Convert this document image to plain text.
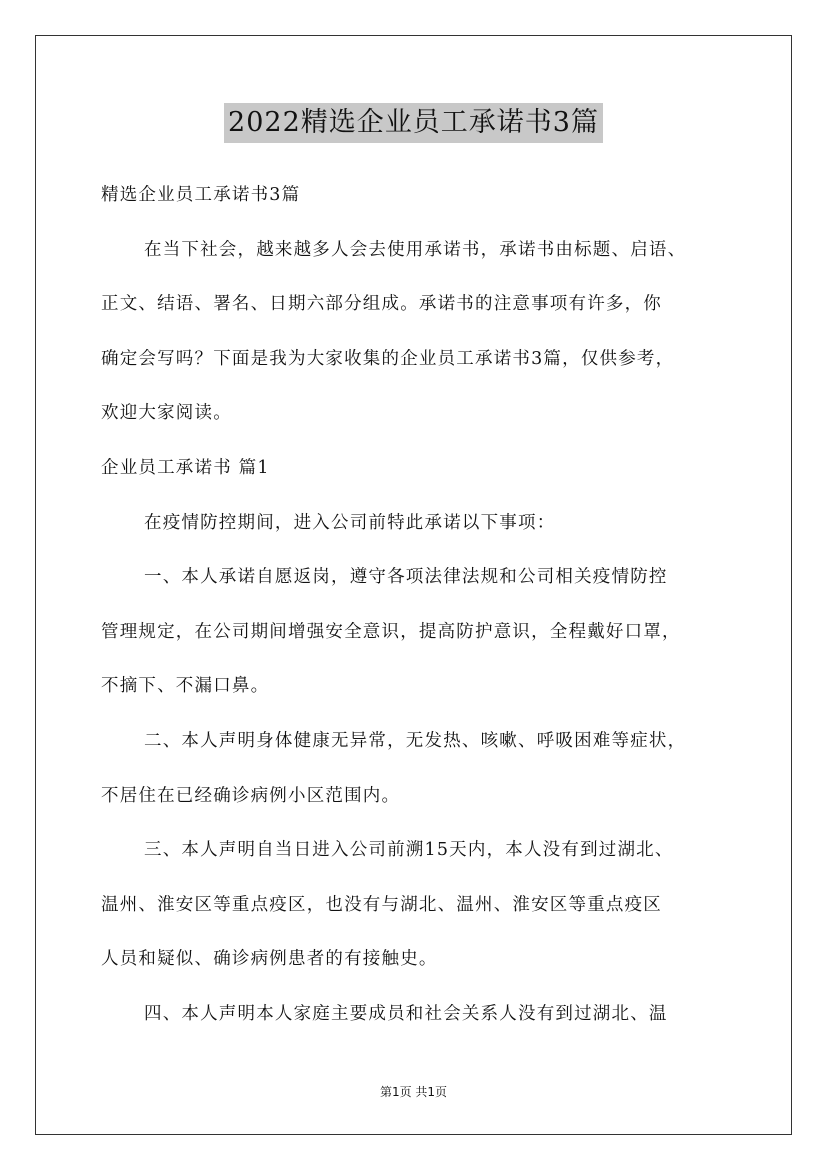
2022精选企业员工承诺书3篇
精选企业员工承诺书3篇
在当下社会，越来越多人会去使用承诺书，承诺书由标题、启语、
正文、结语、署名、日期六部分组成。承诺书的注意事项有许多，你
确定会写吗？下面是我为大家收集的企业员工承诺书3篇，仅供参考，
欢迎大家阅读。
企业员工承诺书 篇1
在疫情防控期间，进入公司前特此承诺以下事项：
一、本人承诺自愿返岗，遵守各项法律法规和公司相关疫情防控
管理规定，在公司期间增强安全意识，提高防护意识，全程戴好口罩，
不摘下、不漏口鼻。
二、本人声明身体健康无异常，无发热、咳嗽、呼吸困难等症状，
不居住在已经确诊病例小区范围内。
三、本人声明自当日进入公司前溯15天内，本人没有到过湖北、
温州、淮安区等重点疫区，也没有与湖北、温州、淮安区等重点疫区
人员和疑似、确诊病例患者的有接触史。
四、本人声明本人家庭主要成员和社会关系人没有到过湖北、温
第1页 共1页
